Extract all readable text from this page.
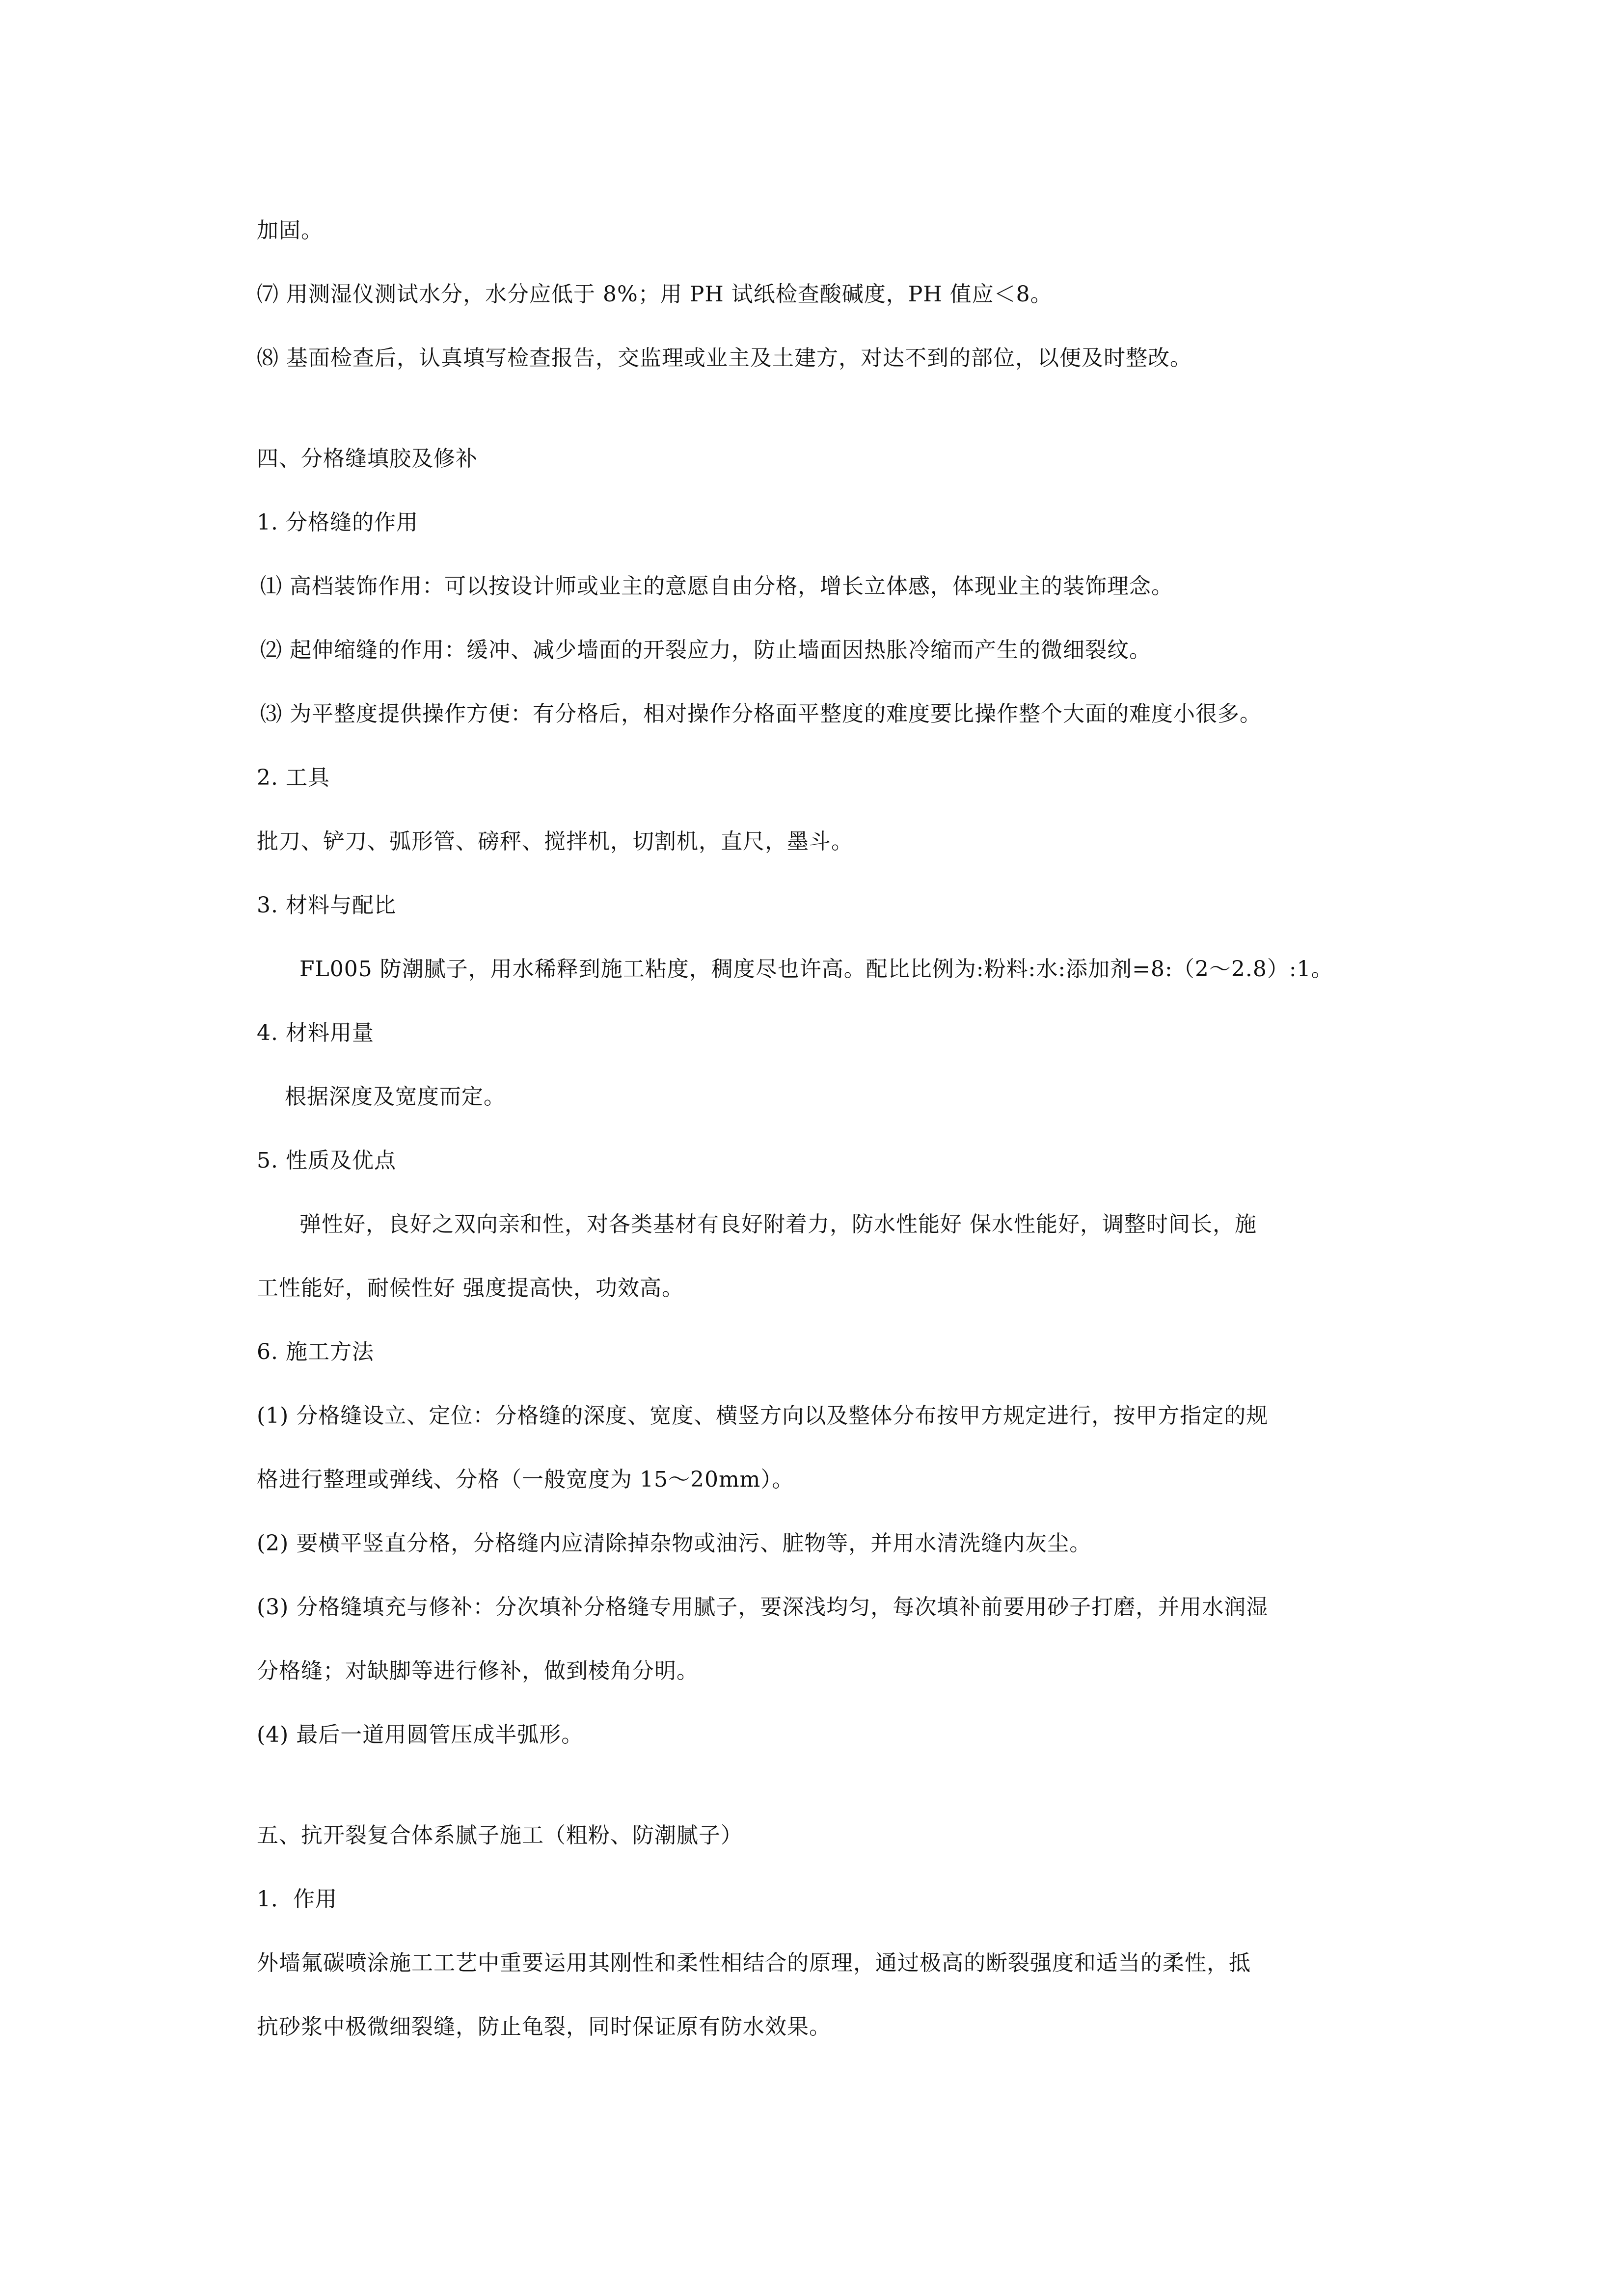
加固。

⑺ 用测湿仪测试水分，水分应低于 8%；用 PH 试纸检查酸碱度，PH 值应＜8。

⑻ 基面检查后，认真填写检查报告，交监理或业主及土建方，对达不到的部位，以便及时整改。

四、分格缝填胶及修补

1. 分格缝的作用

⑴ 高档装饰作用：可以按设计师或业主的意愿自由分格，增长立体感，体现业主的装饰理念。

⑵ 起伸缩缝的作用：缓冲、减少墙面的开裂应力，防止墙面因热胀冷缩而产生的微细裂纹。

⑶ 为平整度提供操作方便：有分格后，相对操作分格面平整度的难度要比操作整个大面的难度小很多。

2. 工具

批刀、铲刀、弧形管、磅秤、搅拌机，切割机，直尺，墨斗。

3. 材料与配比

FL005 防潮腻子，用水稀释到施工粘度，稠度尽也许高。配比比例为:粉料:水:添加剂=8:（2～2.8）:1。

4. 材料用量

根据深度及宽度而定。

5. 性质及优点

弹性好，良好之双向亲和性，对各类基材有良好附着力，防水性能好 保水性能好，调整时间长，施

工性能好，耐候性好 强度提高快，功效高。

6. 施工方法

(1) 分格缝设立、定位：分格缝的深度、宽度、横竖方向以及整体分布按甲方规定进行，按甲方指定的规

格进行整理或弹线、分格（一般宽度为 15～20mm）。

(2) 要横平竖直分格，分格缝内应清除掉杂物或油污、脏物等，并用水清洗缝内灰尘。

(3) 分格缝填充与修补：分次填补分格缝专用腻子，要深浅均匀，每次填补前要用砂子打磨，并用水润湿

分格缝；对缺脚等进行修补，做到棱角分明。

(4) 最后一道用圆管压成半弧形。

五、抗开裂复合体系腻子施工（粗粉、防潮腻子）

1．作用

外墙氟碳喷涂施工工艺中重要运用其刚性和柔性相结合的原理，通过极高的断裂强度和适当的柔性，抵

抗砂浆中极微细裂缝，防止龟裂，同时保证原有防水效果。
